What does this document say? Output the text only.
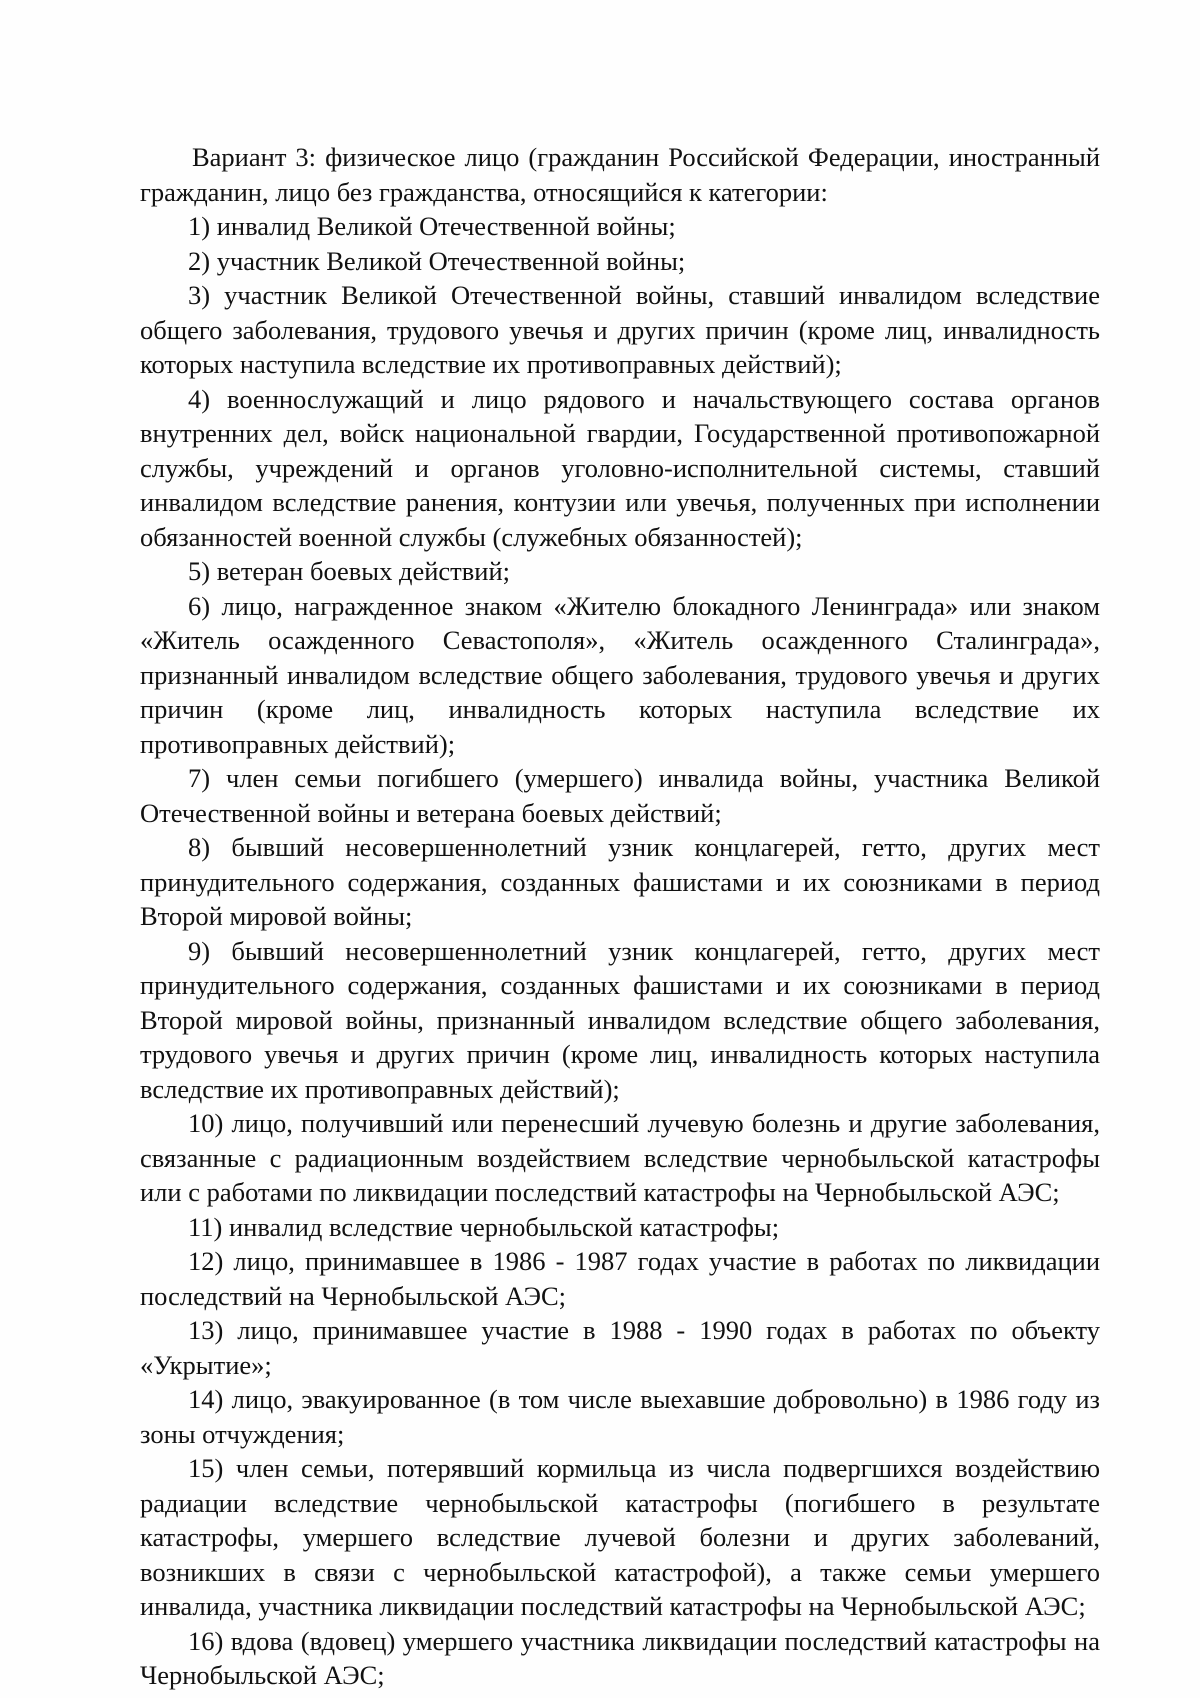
Вариант 3: физическое лицо (гражданин Российской Федерации, иностранный гражданин, лицо без гражданства, относящийся к категории:

1) инвалид Великой Отечественной войны;

2) участник Великой Отечественной войны;

3) участник Великой Отечественной войны, ставший инвалидом вследствие общего заболевания, трудового увечья и других причин (кроме лиц, инвалидность которых наступила вследствие их противоправных действий);

4) военнослужащий и лицо рядового и начальствующего состава органов внутренних дел, войск национальной гвардии, Государственной противопожарной службы, учреждений и органов уголовно-исполнительной системы, ставший инвалидом вследствие ранения, контузии или увечья, полученных при исполнении обязанностей военной службы (служебных обязанностей);

5) ветеран боевых действий;

6) лицо, награжденное знаком «Жителю блокадного Ленинграда» или знаком «Житель осажденного Севастополя», «Житель осажденного Сталинграда», признанный инвалидом вследствие общего заболевания, трудового увечья и других причин (кроме лиц, инвалидность которых наступила вследствие их противоправных действий);

7) член семьи погибшего (умершего) инвалида войны, участника Великой Отечественной войны и ветерана боевых действий;

8) бывший несовершеннолетний узник концлагерей, гетто, других мест принудительного содержания, созданных фашистами и их союзниками в период Второй мировой войны;

9) бывший несовершеннолетний узник концлагерей, гетто, других мест принудительного содержания, созданных фашистами и их союзниками в период Второй мировой войны, признанный инвалидом вследствие общего заболевания, трудового увечья и других причин (кроме лиц, инвалидность которых наступила вследствие их противоправных действий);

10) лицо, получивший или перенесший лучевую болезнь и другие заболевания, связанные с радиационным воздействием вследствие чернобыльской катастрофы или с работами по ликвидации последствий катастрофы на Чернобыльской АЭС;

11) инвалид вследствие чернобыльской катастрофы;

12) лицо, принимавшее в 1986 - 1987 годах участие в работах по ликвидации последствий на Чернобыльской АЭС;

13) лицо, принимавшее участие в 1988 - 1990 годах в работах по объекту «Укрытие»;

14) лицо, эвакуированное (в том числе выехавшие добровольно) в 1986 году из зоны отчуждения;

15) член семьи, потерявший кормильца из числа подвергшихся воздействию радиации вследствие чернобыльской катастрофы (погибшего в результате катастрофы, умершего вследствие лучевой болезни и других заболеваний, возникших в связи с чернобыльской катастрофой), а также семьи умершего инвалида, участника ликвидации последствий катастрофы на Чернобыльской АЭС;

16) вдова (вдовец) умершего участника ликвидации последствий катастрофы на Чернобыльской АЭС;
